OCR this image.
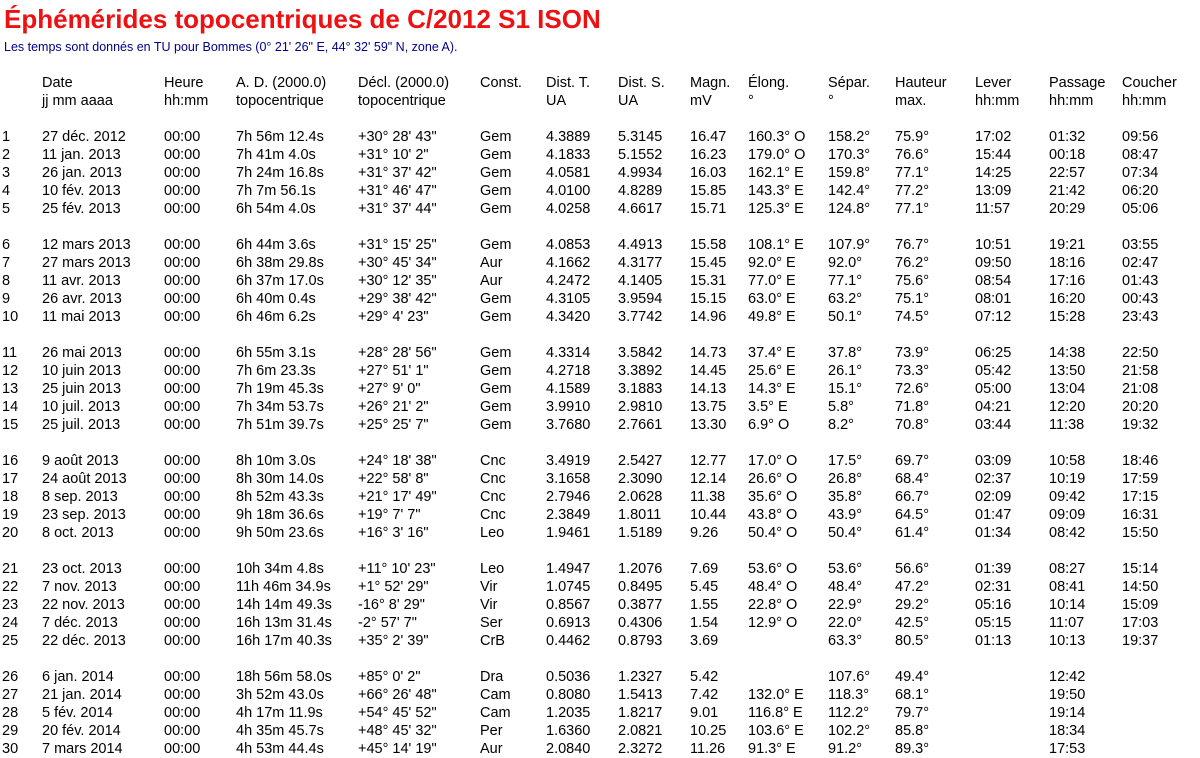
Éphémérides topocentriques de C/2012 S1 ISON
Les temps sont donnés en TU pour Bommes (0° 21' 26" E, 44° 32' 59" N, zone A).
	Date	Heure	A. D. (2000.0)	Décl. (2000.0)	Const.	Dist. T.	Dist. S.	Magn.	Élong.	Sépar.	Hauteur	Lever	Passage	Coucher
	jj mm aaaa	hh:mm	topocentrique	topocentrique		UA	UA	mV	°	°	max.	hh:mm	hh:mm	hh:mm

1	27 déc. 2012	00:00	7h 56m 12.4s	+30° 28' 43"	Gem	4.3889	5.3145	16.47	160.3° O	158.2°	75.9°	17:02	01:32	09:56
2	11 jan. 2013	00:00	7h 41m 4.0s	+31° 10' 2"	Gem	4.1833	5.1552	16.23	179.0° O	170.3°	76.6°	15:44	00:18	08:47
3	26 jan. 2013	00:00	7h 24m 16.8s	+31° 37' 42"	Gem	4.0581	4.9934	16.03	162.1° E	159.8°	77.1°	14:25	22:57	07:34
4	10 fév. 2013	00:00	7h 7m 56.1s	+31° 46' 47"	Gem	4.0100	4.8289	15.85	143.3° E	142.4°	77.2°	13:09	21:42	06:20
5	25 fév. 2013	00:00	6h 54m 4.0s	+31° 37' 44"	Gem	4.0258	4.6617	15.71	125.3° E	124.8°	77.1°	11:57	20:29	05:06

6	12 mars 2013	00:00	6h 44m 3.6s	+31° 15' 25"	Gem	4.0853	4.4913	15.58	108.1° E	107.9°	76.7°	10:51	19:21	03:55
7	27 mars 2013	00:00	6h 38m 29.8s	+30° 45' 34"	Aur	4.1662	4.3177	15.45	92.0° E	92.0°	76.2°	09:50	18:16	02:47
8	11 avr. 2013	00:00	6h 37m 17.0s	+30° 12' 35"	Aur	4.2472	4.1405	15.31	77.0° E	77.1°	75.6°	08:54	17:16	01:43
9	26 avr. 2013	00:00	6h 40m 0.4s	+29° 38' 42"	Gem	4.3105	3.9594	15.15	63.0° E	63.2°	75.1°	08:01	16:20	00:43
10	11 mai 2013	00:00	6h 46m 6.2s	+29° 4' 23"	Gem	4.3420	3.7742	14.96	49.8° E	50.1°	74.5°	07:12	15:28	23:43

11	26 mai 2013	00:00	6h 55m 3.1s	+28° 28' 56"	Gem	4.3314	3.5842	14.73	37.4° E	37.8°	73.9°	06:25	14:38	22:50
12	10 juin 2013	00:00	7h 6m 23.3s	+27° 51' 1"	Gem	4.2718	3.3892	14.45	25.6° E	26.1°	73.3°	05:42	13:50	21:58
13	25 juin 2013	00:00	7h 19m 45.3s	+27° 9' 0"	Gem	4.1589	3.1883	14.13	14.3° E	15.1°	72.6°	05:00	13:04	21:08
14	10 juil. 2013	00:00	7h 34m 53.7s	+26° 21' 2"	Gem	3.9910	2.9810	13.75	3.5° E	5.8°	71.8°	04:21	12:20	20:20
15	25 juil. 2013	00:00	7h 51m 39.7s	+25° 25' 7"	Gem	3.7680	2.7661	13.30	6.9° O	8.2°	70.8°	03:44	11:38	19:32

16	9 août 2013	00:00	8h 10m 3.0s	+24° 18' 38"	Cnc	3.4919	2.5427	12.77	17.0° O	17.5°	69.7°	03:09	10:58	18:46
17	24 août 2013	00:00	8h 30m 14.0s	+22° 58' 8"	Cnc	3.1658	2.3090	12.14	26.6° O	26.8°	68.4°	02:37	10:19	17:59
18	8 sep. 2013	00:00	8h 52m 43.3s	+21° 17' 49"	Cnc	2.7946	2.0628	11.38	35.6° O	35.8°	66.7°	02:09	09:42	17:15
19	23 sep. 2013	00:00	9h 18m 36.6s	+19° 7' 7"	Cnc	2.3849	1.8011	10.44	43.8° O	43.9°	64.5°	01:47	09:09	16:31
20	8 oct. 2013	00:00	9h 50m 23.6s	+16° 3' 16"	Leo	1.9461	1.5189	9.26	50.4° O	50.4°	61.4°	01:34	08:42	15:50

21	23 oct. 2013	00:00	10h 34m 4.8s	+11° 10' 23"	Leo	1.4947	1.2076	7.69	53.6° O	53.6°	56.6°	01:39	08:27	15:14
22	7 nov. 2013	00:00	11h 46m 34.9s	+1° 52' 29"	Vir	1.0745	0.8495	5.45	48.4° O	48.4°	47.2°	02:31	08:41	14:50
23	22 nov. 2013	00:00	14h 14m 49.3s	-16° 8' 29"	Vir	0.8567	0.3877	1.55	22.8° O	22.9°	29.2°	05:16	10:14	15:09
24	7 déc. 2013	00:00	16h 13m 31.4s	-2° 57' 7"	Ser	0.6913	0.4306	1.54	12.9° O	22.0°	42.5°	05:15	11:07	17:03
25	22 déc. 2013	00:00	16h 17m 40.3s	+35° 2' 39"	CrB	0.4462	0.8793	3.69		63.3°	80.5°	01:13	10:13	19:37

26	6 jan. 2014	00:00	18h 56m 58.0s	+85° 0' 2"	Dra	0.5036	1.2327	5.42		107.6°	49.4°		12:42	
27	21 jan. 2014	00:00	3h 52m 43.0s	+66° 26' 48"	Cam	0.8080	1.5413	7.42	132.0° E	118.3°	68.1°		19:50	
28	5 fév. 2014	00:00	4h 17m 11.9s	+54° 45' 52"	Cam	1.2035	1.8217	9.01	116.8° E	112.2°	79.7°		19:14	
29	20 fév. 2014	00:00	4h 35m 45.7s	+48° 45' 32"	Per	1.6360	2.0821	10.25	103.6° E	102.2°	85.8°		18:34	
30	7 mars 2014	00:00	4h 53m 44.4s	+45° 14' 19"	Aur	2.0840	2.3272	11.26	91.3° E	91.2°	89.3°		17:53	
